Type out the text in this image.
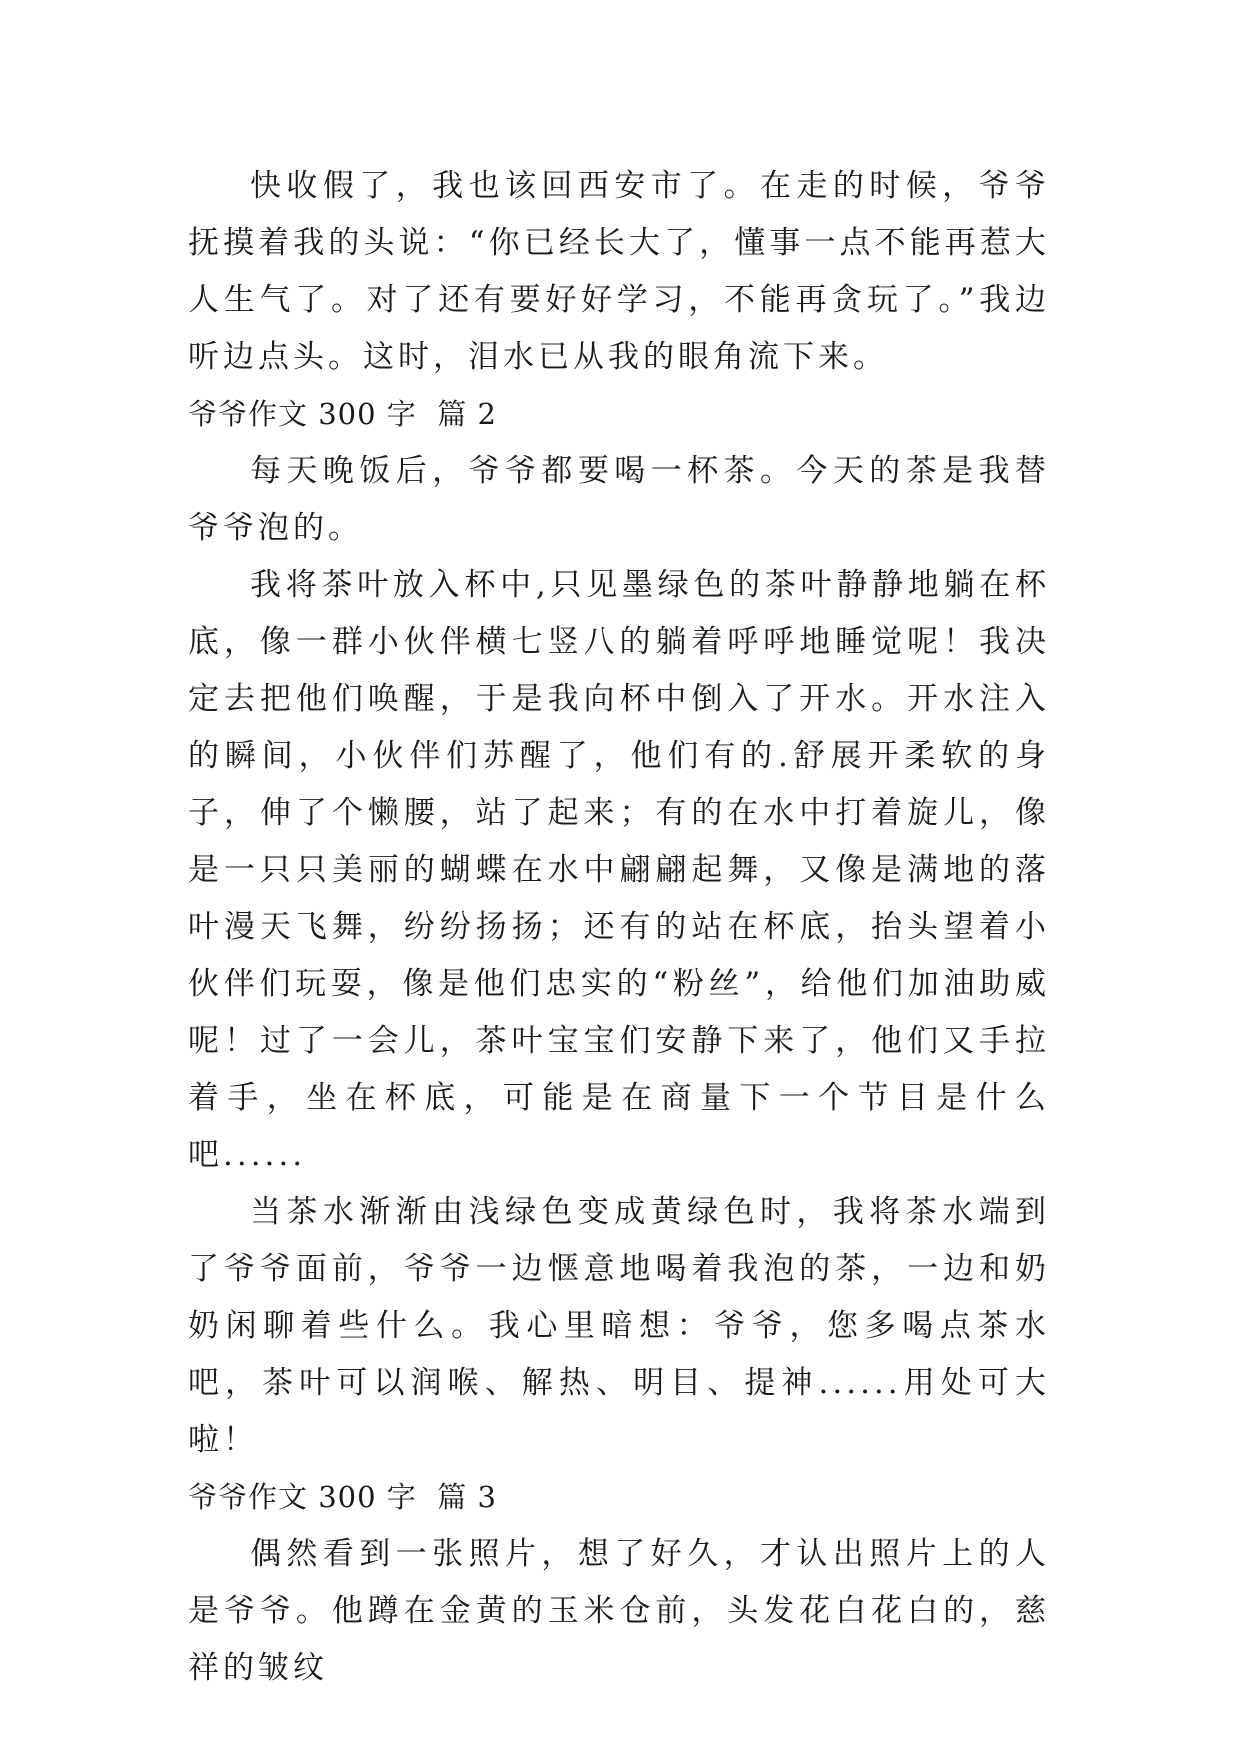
快收假了，我也该回西安市了。在走的时候，爷爷抚摸着我的头说：“你已经长大了，懂事一点不能再惹大人生气了。对了还有要好好学习，不能再贪玩了。”我边听边点头。这时，泪水已从我的眼角流下来。

爷爷作文 300 字  篇 2

每天晚饭后，爷爷都要喝一杯茶。今天的茶是我替爷爷泡的。

我将茶叶放入杯中,只见墨绿色的茶叶静静地躺在杯底，像一群小伙伴横七竖八的躺着呼呼地睡觉呢！我决定去把他们唤醒，于是我向杯中倒入了开水。开水注入的瞬间，小伙伴们苏醒了，他们有的.舒展开柔软的身子，伸了个懒腰，站了起来；有的在水中打着旋儿，像是一只只美丽的蝴蝶在水中翩翩起舞，又像是满地的落叶漫天飞舞，纷纷扬扬；还有的站在杯底，抬头望着小伙伴们玩耍，像是他们忠实的“粉丝”，给他们加油助威呢！过了一会儿，茶叶宝宝们安静下来了，他们又手拉着手，坐在杯底，可能是在商量下一个节目是什么吧......

当茶水渐渐由浅绿色变成黄绿色时，我将茶水端到了爷爷面前，爷爷一边惬意地喝着我泡的茶，一边和奶奶闲聊着些什么。我心里暗想：爷爷，您多喝点茶水吧，茶叶可以润喉、解热、明目、提神......用处可大啦！

爷爷作文 300 字  篇 3

偶然看到一张照片，想了好久，才认出照片上的人是爷爷。他蹲在金黄的玉米仓前，头发花白花白的，慈祥的皱纹
